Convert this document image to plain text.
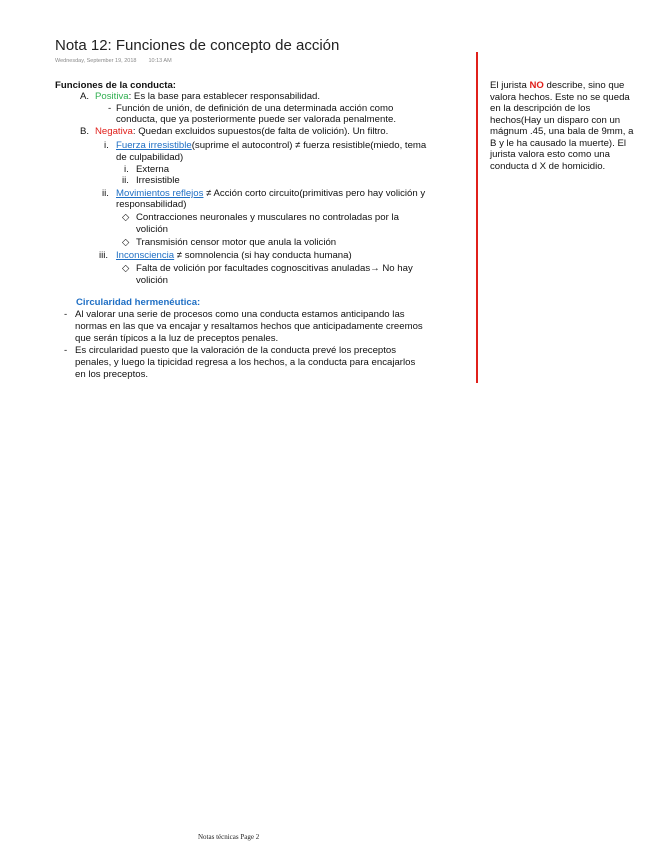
Nota 12: Funciones de concepto de acción
Wednesday, September 19, 2018 10:13 AM
Funciones de la conducta:
A. Positiva: Es la base para establecer responsabilidad.
- Función de unión, de definición de una determinada acción como
conducta, que ya posteriormente puede ser valorada penalmente.
B. Negativa: Quedan excluidos supuestos(de falta de volición). Un filtro.
i. Fuerza irresistible(suprime el autocontrol) ≠ fuerza resistible(miedo, tema
de culpabilidad)
i. Externa
ii. Irresistible
ii. Movimientos reflejos ≠ Acción corto circuito(primitivas pero hay volición y
responsabilidad)
◇ Contracciones neuronales y musculares no controladas por la
volición
◇ Transmisión censor motor que anula la volición
iii. Inconsciencia ≠ somnolencia (si hay conducta humana)
◇ Falta de volición por facultades cognoscitivas anuladas→ No hay
volición
Circularidad hermenéutica:
- Al valorar una serie de procesos como una conducta estamos anticipando las
normas en las que va encajar y resaltamos hechos que anticipadamente creemos
que serán típicos a la luz de preceptos penales.
- Es circularidad puesto que la valoración de la conducta prevé los preceptos
penales, y luego la tipicidad regresa a los hechos, a la conducta para encajarlos
en los preceptos.
El jurista NO describe, sino que
valora hechos. Este no se queda
en la descripción de los
hechos(Hay un disparo con un
mágnum .45, una bala de 9mm, a
B y le ha causado la muerte). El
jurista valora esto como una
conducta d X de homicidio.
Notas técnicas Page 2
